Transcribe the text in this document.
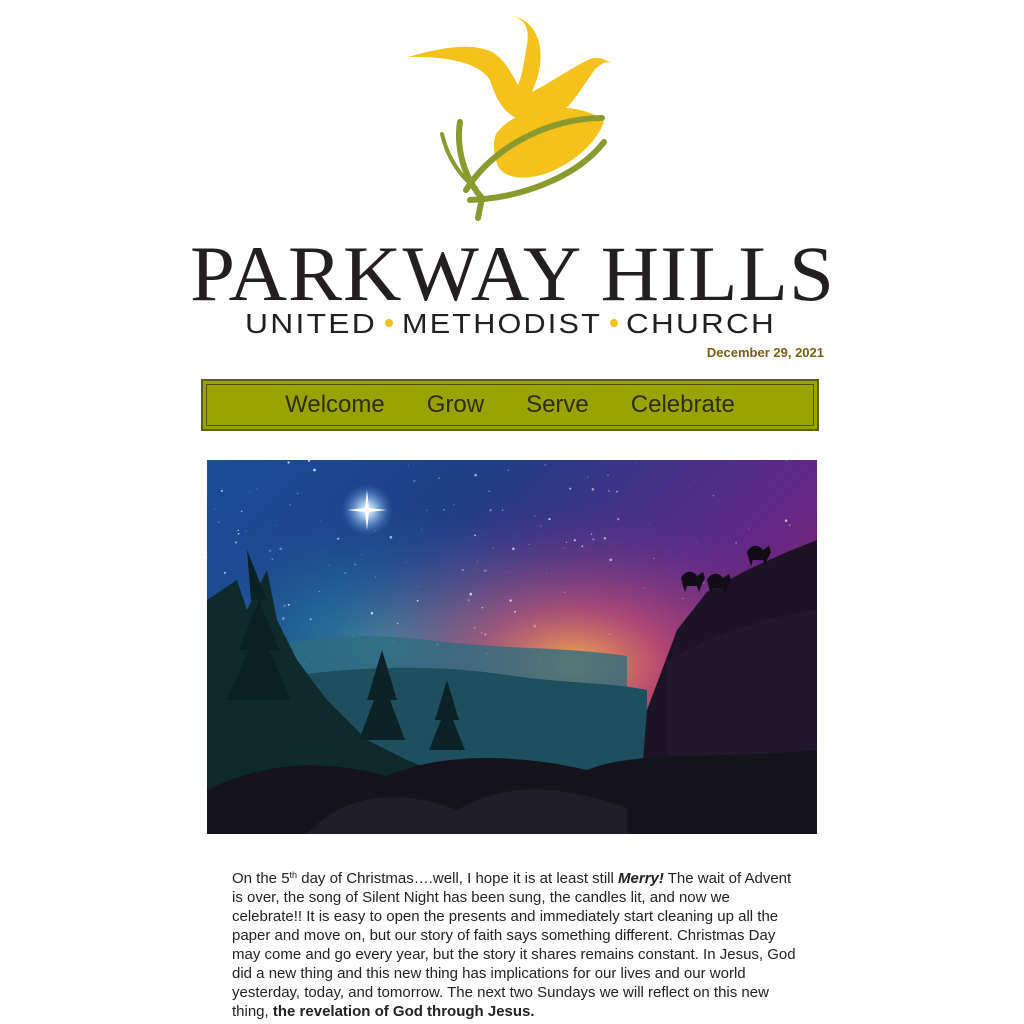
PARKWAY HILLS
UNITED METHODIST CHURCH
December 29, 2021
Welcome	Grow	Serve	Celebrate

On the 5th day of Christmas….well, I hope it is at least still Merry! The wait of Advent is over, the song of Silent Night has been sung, the candles lit, and now we celebrate!! It is easy to open the presents and immediately start cleaning up all the paper and move on, but our story of faith says something different. Christmas Day may come and go every year, but the story it shares remains constant. In Jesus, God did a new thing and this new thing has implications for our lives and our world yesterday, today, and tomorrow. The next two Sundays we will reflect on this new thing, the revelation of God through Jesus.
